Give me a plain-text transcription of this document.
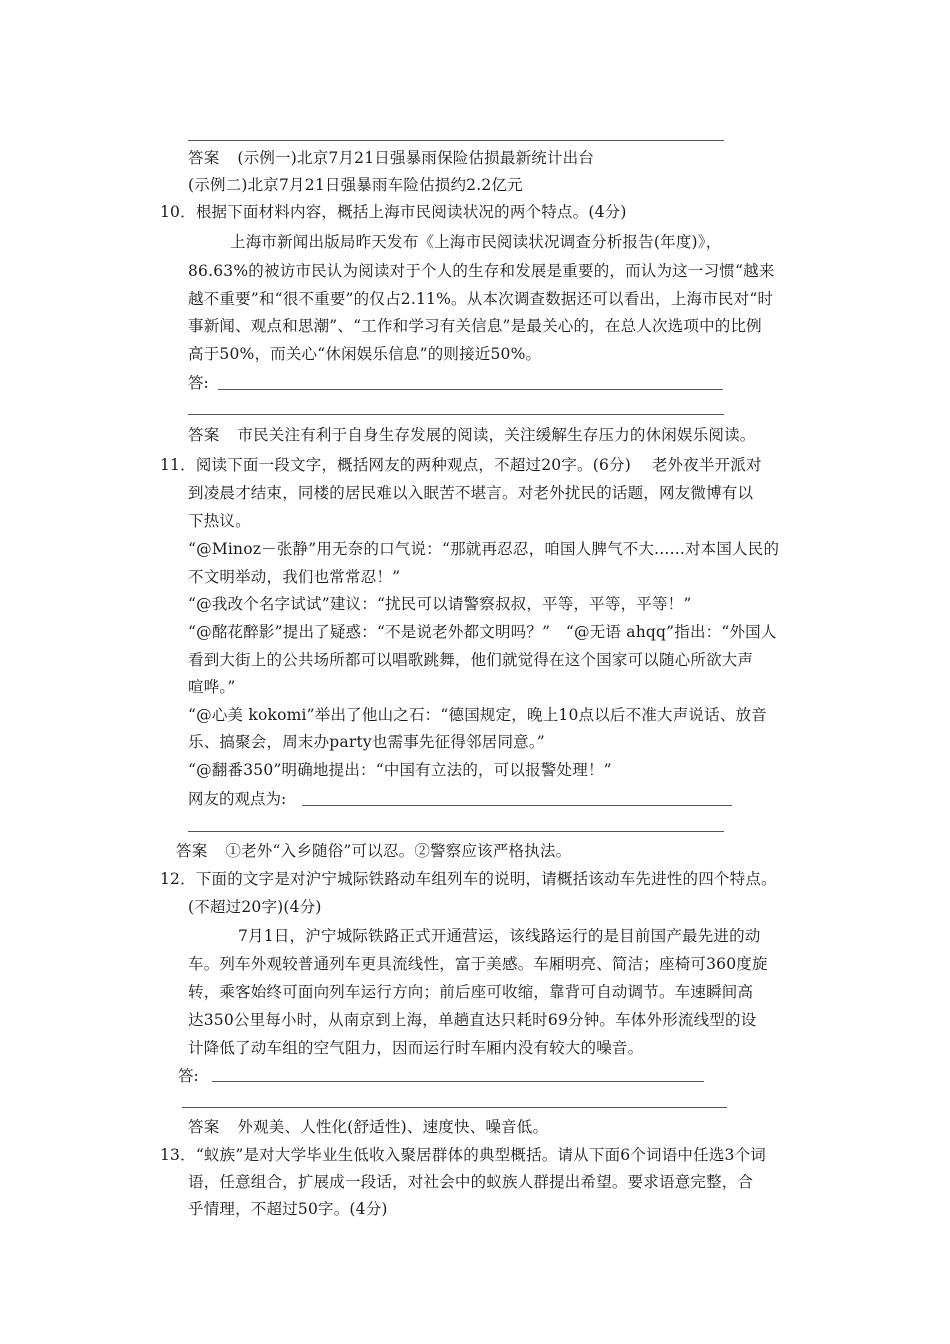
答案 (示例一)北京7月21日强暴雨保险估损最新统计出台
(示例二)北京7月21日强暴雨车险估损约2.2亿元
10．根据下面材料内容，概括上海市民阅读状况的两个特点。(4分)
上海市新闻出版局昨天发布《上海市民阅读状况调查分析报告(年度)》，
86.63%的被访市民认为阅读对于个人的生存和发展是重要的，而认为这一习惯“越来
越不重要”和“很不重要”的仅占2.11%。从本次调查数据还可以看出，上海市民对“时
事新闻、观点和思潮”、“工作和学习有关信息”是最关心的，在总人次选项中的比例
高于50%，而关心“休闲娱乐信息”的则接近50%。
答:
答案 市民关注有利于自身生存发展的阅读，关注缓解生存压力的休闲娱乐阅读。
11．阅读下面一段文字，概括网友的两种观点，不超过20字。(6分)　 老外夜半开派对
到凌晨才结束，同楼的居民难以入眠苦不堪言。对老外扰民的话题，网友微博有以
下热议。
“@Minoz－张静”用无奈的口气说：“那就再忍忍，咱国人脾气不大......对本国人民的
不文明举动，我们也常常忍！”
“@我改个名字试试”建议：“扰民可以请警察叔叔，平等，平等，平等！”
“@酩花醉影”提出了疑惑：“不是说老外都文明吗？”　“@无语 ahqq”指出：“外国人
看到大街上的公共场所都可以唱歌跳舞，他们就觉得在这个国家可以随心所欲大声
喧哗。”
“@心美 kokomi”举出了他山之石：“德国规定，晚上10点以后不准大声说话、放音
乐、搞聚会，周末办party也需事先征得邻居同意。”
“@翻番350”明确地提出：“中国有立法的，可以报警处理！”
网友的观点为:
答案 ①老外“入乡随俗”可以忍。②警察应该严格执法。
12．下面的文字是对沪宁城际铁路动车组列车的说明，请概括该动车先进性的四个特点。
(不超过20字)(4分)
7月1日，沪宁城际铁路正式开通营运，该线路运行的是目前国产最先进的动
车。列车外观较普通列车更具流线性，富于美感。车厢明亮、简洁；座椅可360度旋
转，乘客始终可面向列车运行方向；前后座可收缩，靠背可自动调节。车速瞬间高
达350公里每小时，从南京到上海，单趟直达只耗时69分钟。车体外形流线型的设
计降低了动车组的空气阻力，因而运行时车厢内没有较大的噪音。
答:
答案 外观美、人性化(舒适性)、速度快、噪音低。
13．“蚁族”是对大学毕业生低收入聚居群体的典型概括。请从下面6个词语中任选3个词
语，任意组合，扩展成一段话，对社会中的蚁族人群提出希望。要求语意完整，合
乎情理，不超过50字。(4分)
